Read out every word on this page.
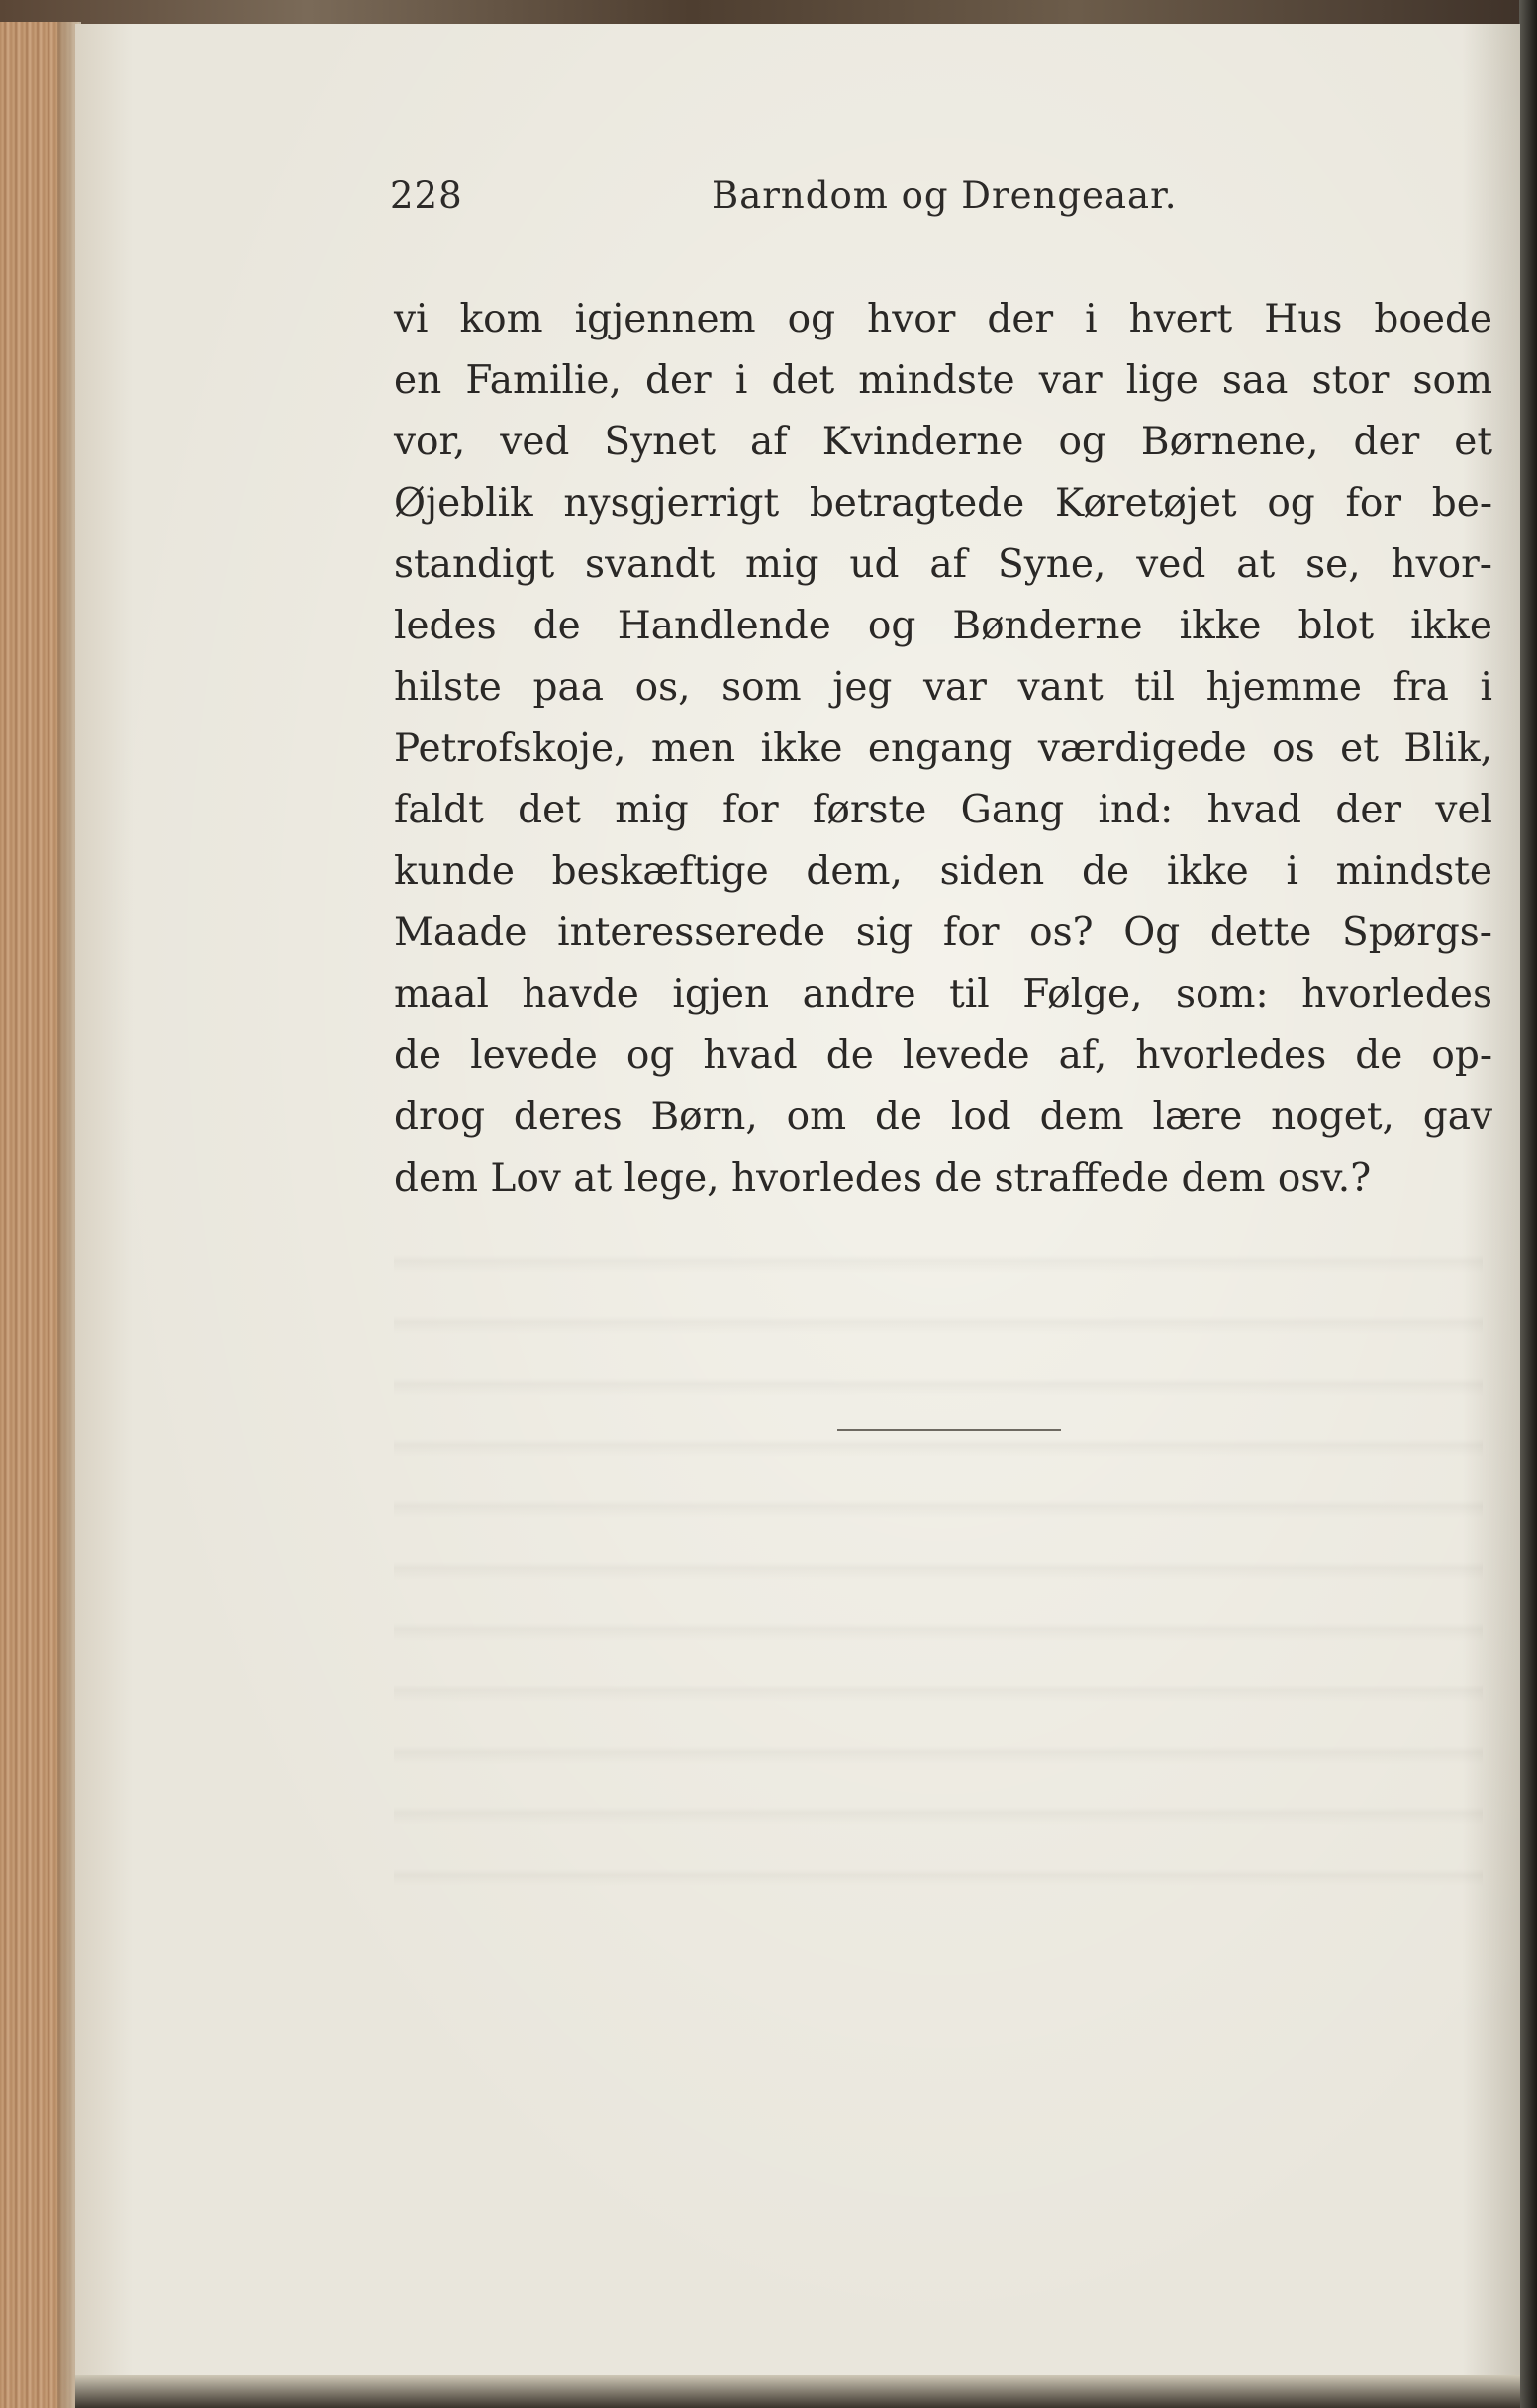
228	Barndom og Drengeaar.
vi kom igjennem og hvor der i hvert Hus boede
en Familie, der i det mindste var lige saa stor som
vor, ved Synet af Kvinderne og Børnene, der et
Øjeblik nysgjerrigt betragtede Køretøjet og for be-
standigt svandt mig ud af Syne, ved at se, hvor-
ledes de Handlende og Bønderne ikke blot ikke
hilste paa os, som jeg var vant til hjemme fra i
Petrofskoje, men ikke engang værdigede os et Blik,
faldt det mig for første Gang ind: hvad der vel
kunde beskæftige dem, siden de ikke i mindste
Maade interesserede sig for os? Og dette Spørgs-
maal havde igjen andre til Følge, som: hvorledes
de levede og hvad de levede af, hvorledes de op-
drog deres Børn, om de lod dem lære noget, gav
dem Lov at lege, hvorledes de straffede dem osv.?
